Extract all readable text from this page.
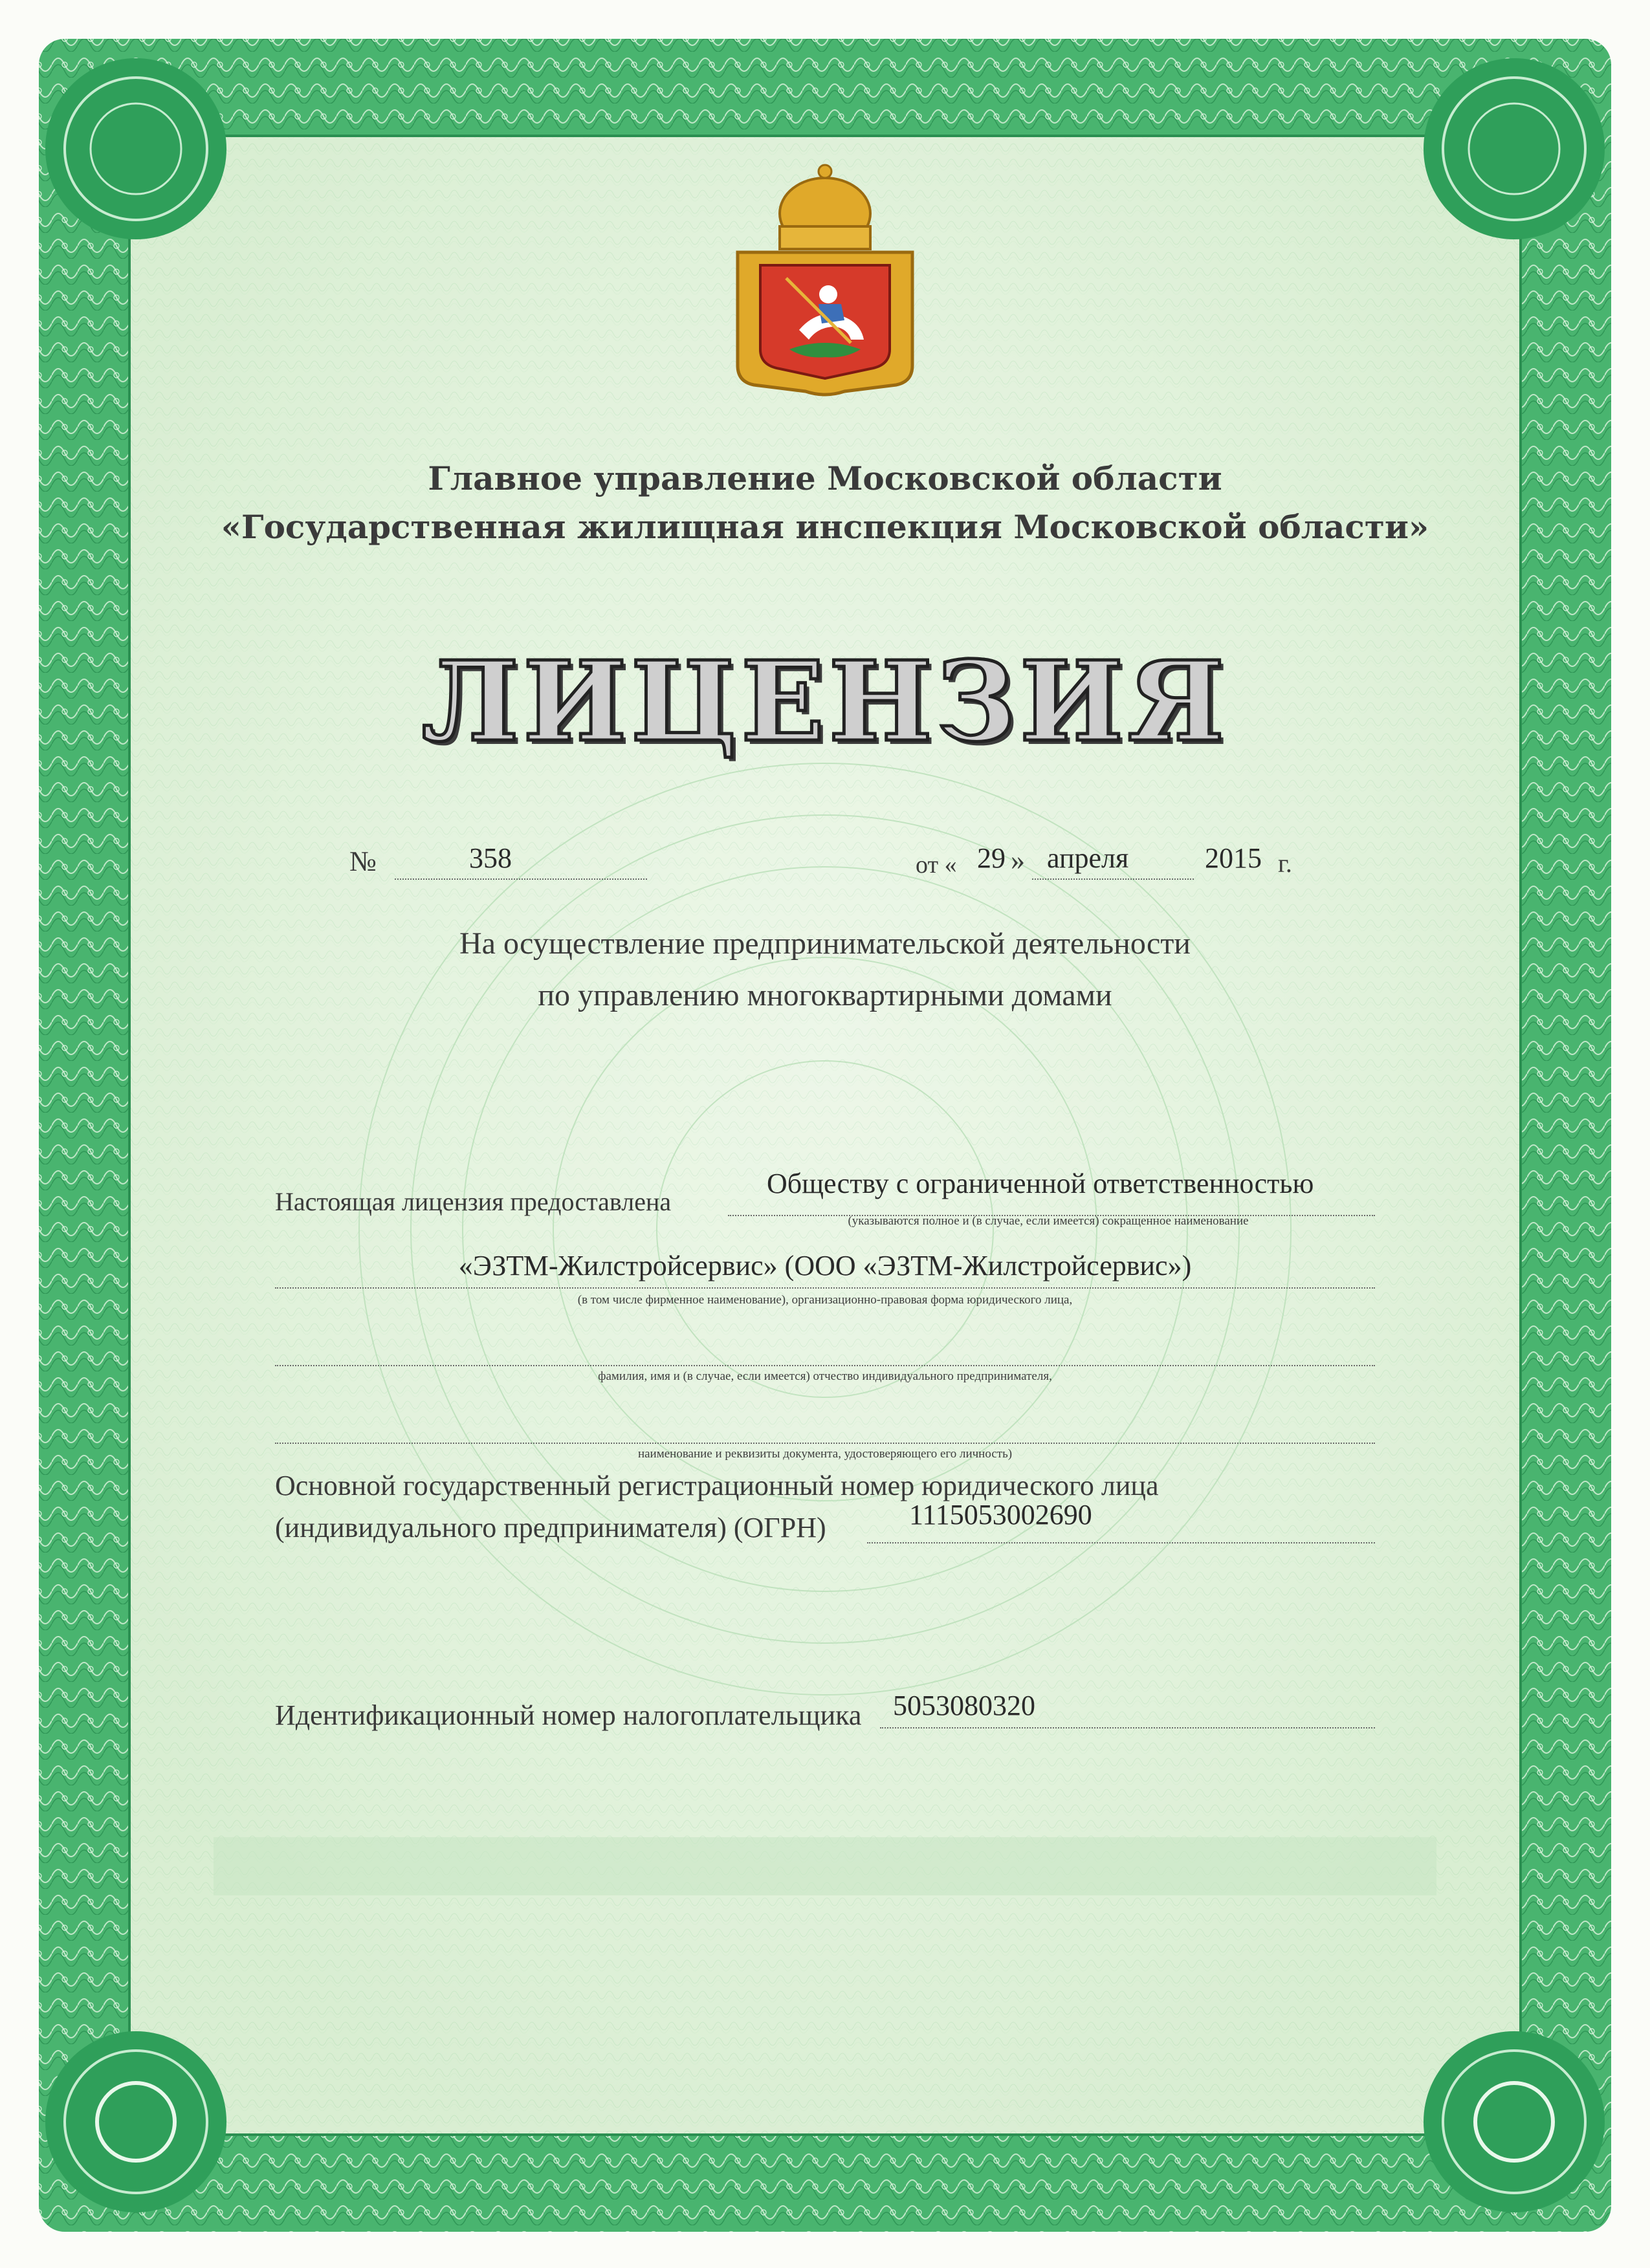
Главное управление Московской области
«Государственная жилищная инспекция Московской области»
ЛИЦЕНЗИЯ
№	358	от « 29 » апреля	2015 г.
На осуществление предпринимательской деятельности
по управлению многоквартирными домами
Настоящая лицензия предоставлена
Обществу с ограниченной ответственностью
(указываются полное и (в случае, если имеется) сокращенное наименование
«ЭЗТМ-Жилстройсервис» (ООО «ЭЗТМ-Жилстройсервис»)
(в том числе фирменное наименование), организационно-правовая форма юридического лица,
фамилия, имя и (в случае, если имеется) отчество индивидуального предпринимателя,
наименование и реквизиты документа, удостоверяющего его личность)
Основной государственный регистрационный номер юридического лица
(индивидуального предпринимателя) (ОГРН)	1115053002690
Идентификационный номер налогоплательщика 5053080320
